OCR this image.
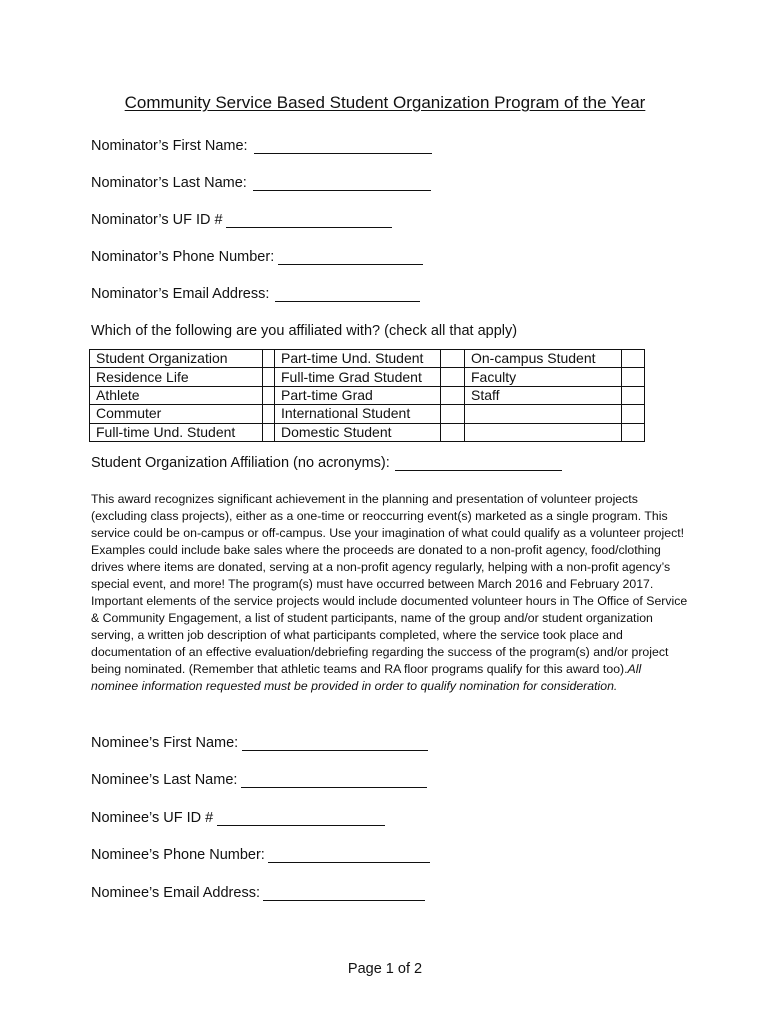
Community Service Based Student Organization Program of the Year
Nominator’s First Name:
Nominator’s Last Name:
Nominator’s UF ID #
Nominator’s Phone Number:
Nominator’s Email Address:
Which of the following are you affiliated with? (check all that apply)
Student Organization		Part-time Und. Student		On-campus Student	
Residence Life		Full-time Grad Student		Faculty	
Athlete		Part-time Grad		Staff	
Commuter		International Student			
Full-time Und. Student		Domestic Student			
Student Organization Affiliation (no acronyms):
This award recognizes significant achievement in the planning and presentation of volunteer projects (excluding class projects), either as a one-time or reoccurring event(s) marketed as a single program. This service could be on-campus or off-campus. Use your imagination of what could qualify as a volunteer project! Examples could include bake sales where the proceeds are donated to a non-profit agency, food/clothing drives where items are donated, serving at a non-profit agency regularly, helping with a non-profit agency’s special event, and more! The program(s) must have occurred between March 2016 and February 2017. Important elements of the service projects would include documented volunteer hours in The Office of Service & Community Engagement, a list of student participants, name of the group and/or student organization serving, a written job description of what participants completed, where the service took place and documentation of an effective evaluation/debriefing regarding the success of the program(s) and/or project being nominated. (Remember that athletic teams and RA floor programs qualify for this award too).All nominee information requested must be provided in order to qualify nomination for consideration.
Nominee’s First Name:
Nominee’s Last Name:
Nominee’s UF ID #
Nominee’s Phone Number:
Nominee’s Email Address:
Page 1 of 2
